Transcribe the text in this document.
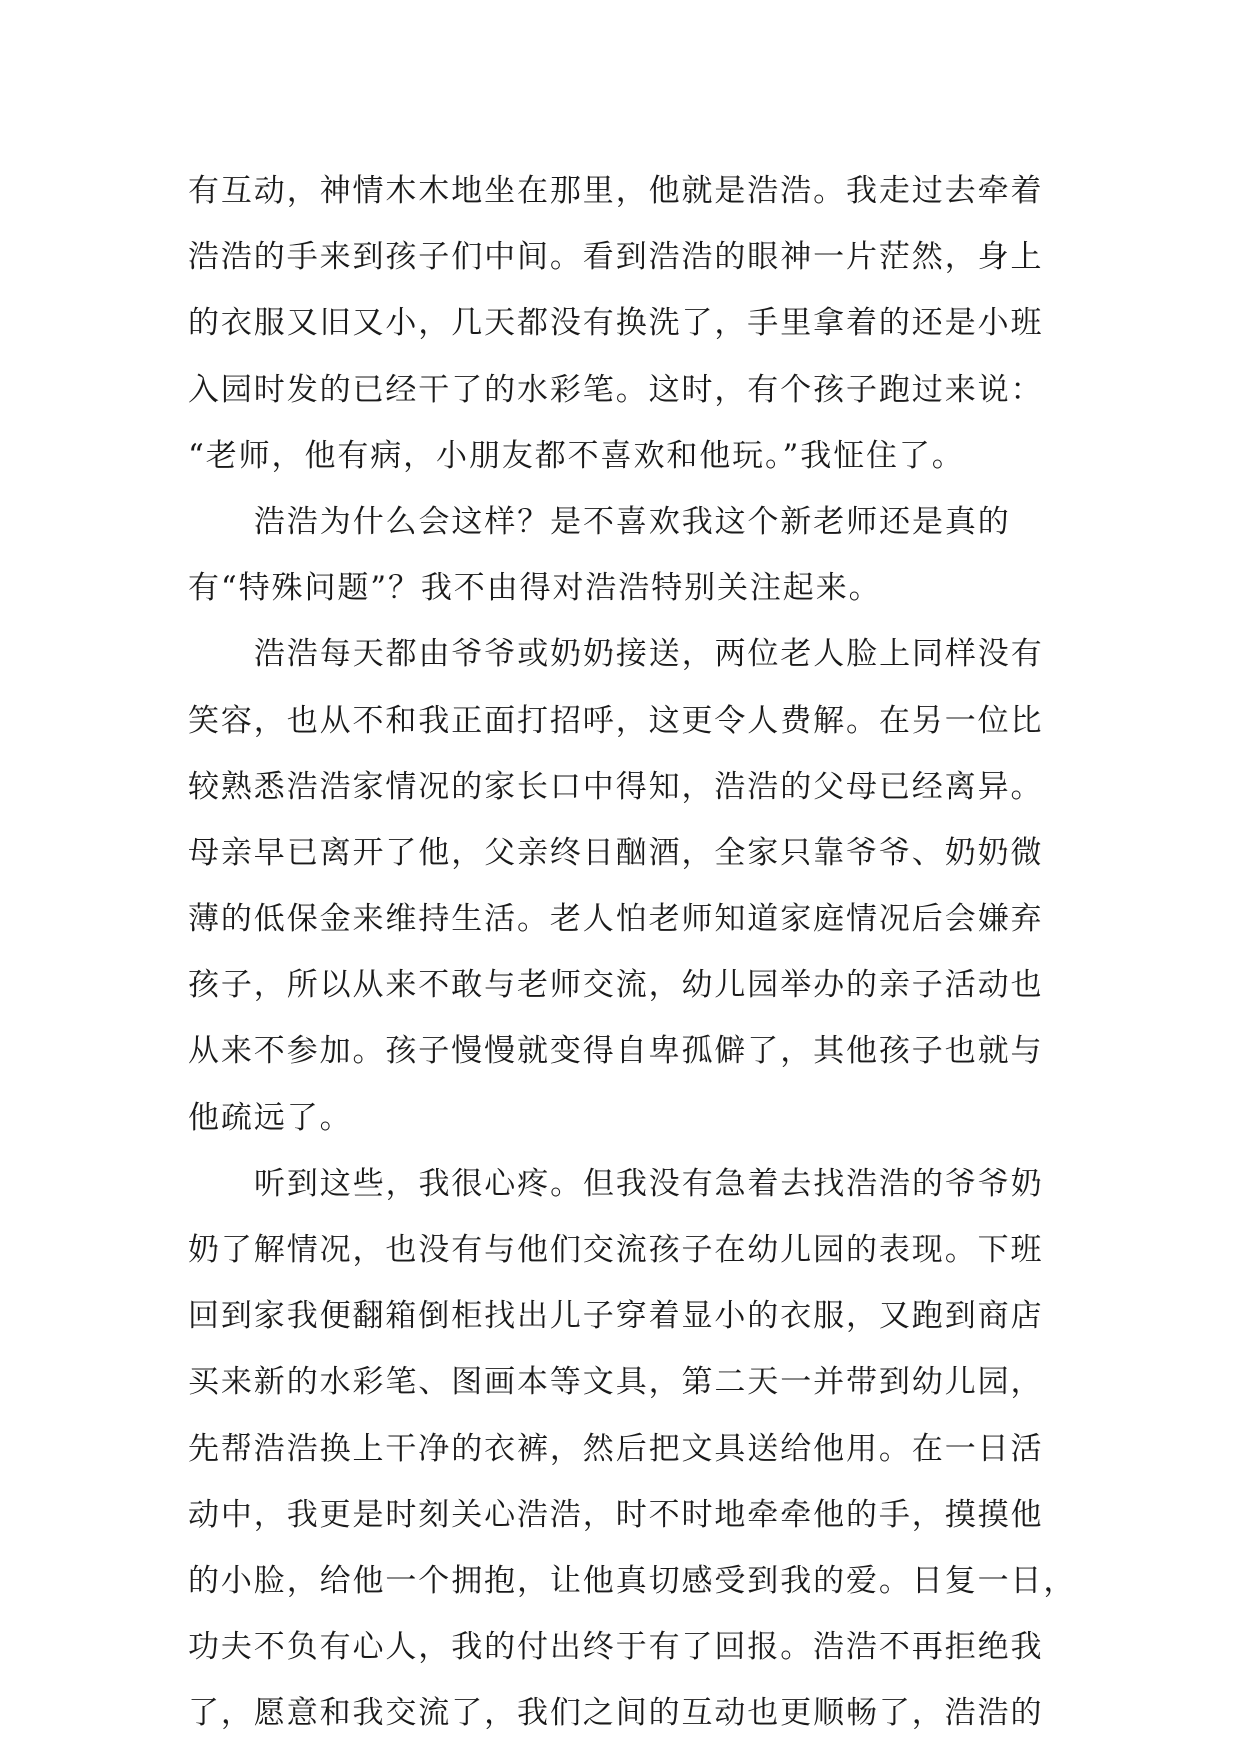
有互动，神情木木地坐在那里，他就是浩浩。我走过去牵着
浩浩的手来到孩子们中间。看到浩浩的眼神一片茫然，身上
的衣服又旧又小，几天都没有换洗了，手里拿着的还是小班
入园时发的已经干了的水彩笔。这时，有个孩子跑过来说：
“老师，他有病，小朋友都不喜欢和他玩。”我怔住了。
浩浩为什么会这样？是不喜欢我这个新老师还是真的
有“特殊问题”？我不由得对浩浩特别关注起来。
浩浩每天都由爷爷或奶奶接送，两位老人脸上同样没有
笑容，也从不和我正面打招呼，这更令人费解。在另一位比
较熟悉浩浩家情况的家长口中得知，浩浩的父母已经离异。
母亲早已离开了他，父亲终日酗酒，全家只靠爷爷、奶奶微
薄的低保金来维持生活。老人怕老师知道家庭情况后会嫌弃
孩子，所以从来不敢与老师交流，幼儿园举办的亲子活动也
从来不参加。孩子慢慢就变得自卑孤僻了，其他孩子也就与
他疏远了。
听到这些，我很心疼。但我没有急着去找浩浩的爷爷奶
奶了解情况，也没有与他们交流孩子在幼儿园的表现。下班
回到家我便翻箱倒柜找出儿子穿着显小的衣服，又跑到商店
买来新的水彩笔、图画本等文具，第二天一并带到幼儿园，
先帮浩浩换上干净的衣裤，然后把文具送给他用。在一日活
动中，我更是时刻关心浩浩，时不时地牵牵他的手，摸摸他
的小脸，给他一个拥抱，让他真切感受到我的爱。日复一日，
功夫不负有心人，我的付出终于有了回报。浩浩不再拒绝我
了，愿意和我交流了，我们之间的互动也更顺畅了，浩浩的
